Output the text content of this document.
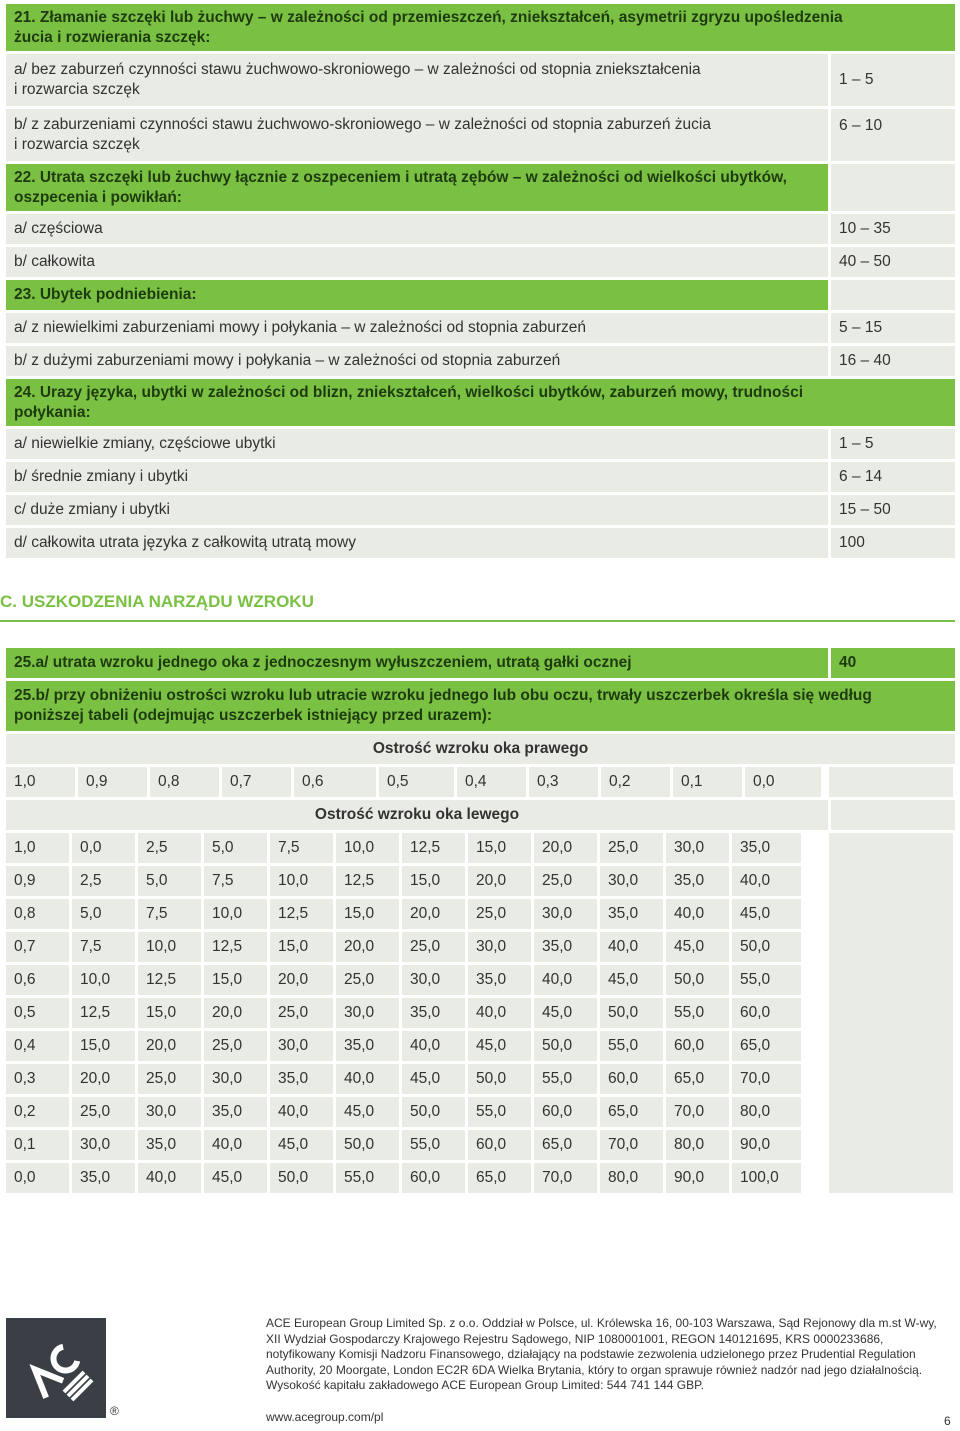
21. Złamanie szczęki lub żuchwy – w zależności od przemieszczeń, zniekształceń, asymetrii zgryzu upośledzenia
żucia i rozwierania szczęk:
a/ bez zaburzeń czynności stawu żuchwowo-skroniowego – w zależności od stopnia zniekształcenia
i rozwarcia szczęk
1 – 5
b/ z zaburzeniami czynności stawu żuchwowo-skroniowego – w zależności od stopnia zaburzeń żucia
i rozwarcia szczęk
6 – 10
22. Utrata szczęki lub żuchwy łącznie z oszpeceniem i utratą zębów – w zależności od wielkości ubytków,
oszpecenia i powikłań:
a/ częściowa	10 – 35
b/ całkowita	40 – 50
23. Ubytek podniebienia:
a/ z niewielkimi zaburzeniami mowy i połykania – w zależności od stopnia zaburzeń	5 – 15
b/ z dużymi zaburzeniami mowy i połykania – w zależności od stopnia zaburzeń	16 – 40
24. Urazy języka, ubytki w zależności od blizn, zniekształceń, wielkości ubytków, zaburzeń mowy, trudności
połykania:
a/ niewielkie zmiany, częściowe ubytki	1 – 5
b/ średnie zmiany i ubytki	6 – 14
c/ duże zmiany i ubytki	15 – 50
d/ całkowita utrata języka z całkowitą utratą mowy	100
C. USZKODZENIA NARZĄDU WZROKU
25.a/ utrata wzroku jednego oka z jednoczesnym wyłuszczeniem, utratą gałki ocznej	40
25.b/ przy obniżeniu ostrości wzroku lub utracie wzroku jednego lub obu oczu, trwały uszczerbek określa się według
poniższej tabeli (odejmując uszczerbek istniejący przed urazem):
Ostrość wzroku oka prawego
1,0	0,9	0,8	0,7	0,6	0,5	0,4	0,3	0,2	0,1	0,0
Ostrość wzroku oka lewego
1,0	0,0	2,5	5,0	7,5	10,0	12,5	15,0	20,0	25,0	30,0	35,0
0,9	2,5	5,0	7,5	10,0	12,5	15,0	20,0	25,0	30,0	35,0	40,0
0,8	5,0	7,5	10,0	12,5	15,0	20,0	25,0	30,0	35,0	40,0	45,0
0,7	7,5	10,0	12,5	15,0	20,0	25,0	30,0	35,0	40,0	45,0	50,0
0,6	10,0	12,5	15,0	20,0	25,0	30,0	35,0	40,0	45,0	50,0	55,0
0,5	12,5	15,0	20,0	25,0	30,0	35,0	40,0	45,0	50,0	55,0	60,0
0,4	15,0	20,0	25,0	30,0	35,0	40,0	45,0	50,0	55,0	60,0	65,0
0,3	20,0	25,0	30,0	35,0	40,0	45,0	50,0	55,0	60,0	65,0	70,0
0,2	25,0	30,0	35,0	40,0	45,0	50,0	55,0	60,0	65,0	70,0	80,0
0,1	30,0	35,0	40,0	45,0	50,0	55,0	60,0	65,0	70,0	80,0	90,0
0,0	35,0	40,0	45,0	50,0	55,0	60,0	65,0	70,0	80,0	90,0	100,0
®
ACE European Group Limited Sp. z o.o. Oddział w Polsce, ul. Królewska 16, 00-103 Warszawa, Sąd Rejonowy dla m.st W-wy,
XII Wydział Gospodarczy Krajowego Rejestru Sądowego, NIP 1080001001, REGON 140121695, KRS 0000233686,
notyfikowany Komisji Nadzoru Finansowego, działający na podstawie zezwolenia udzielonego przez Prudential Regulation
Authority, 20 Moorgate, London EC2R 6DA Wielka Brytania, który to organ sprawuje również nadzór nad jego działalnością.
Wysokość kapitału zakładowego ACE European Group Limited: 544 741 144 GBP.
www.acegroup.com/pl	6
